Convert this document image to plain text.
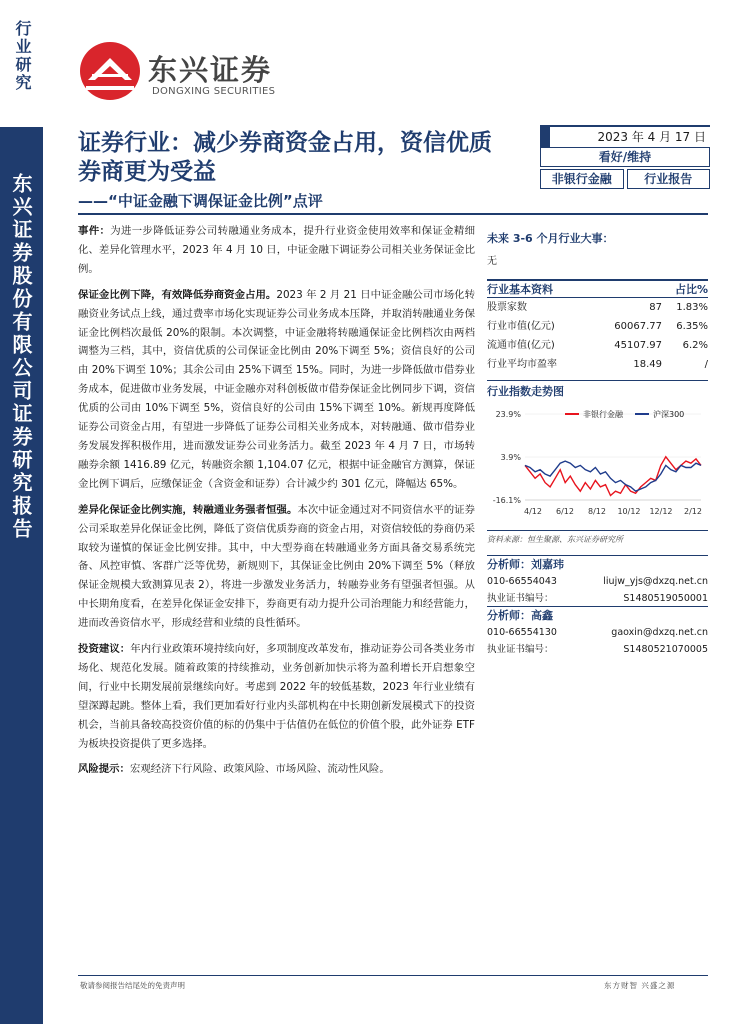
行业研究
东兴证券股份有限公司证券研究报告
东兴证券
DONGXING SECURITIES
证券行业：减少券商资金占用，资信优质券商更为受益
——“中证金融下调保证金比例”点评
2023 年 4 月 17 日
看好/维持
非银行金融	行业报告

事件：为进一步降低证券公司转融通业务成本，提升行业资金使用效率和保证金精细化、差异化管理水平，2023 年 4 月 10 日，中证金融下调证券公司相关业务保证金比例。

保证金比例下降，有效降低券商资金占用。2023 年 2 月 21 日中证金融公司市场化转融资业务试点上线，通过费率市场化实现证券公司业务成本压降，并取消转融通业务保证金比例档次最低 20%的限制。本次调整，中证金融将转融通保证金比例档次由两档调整为三档，其中，资信优质的公司保证金比例由 20%下调至 5%；资信良好的公司由 20%下调至 10%；其余公司由 25%下调至 15%。同时，为进一步降低做市借券业务成本，促进做市业务发展，中证金融亦对科创板做市借券保证金比例同步下调，资信优质的公司由 10%下调至 5%，资信良好的公司由 15%下调至 10%。新规再度降低证券公司资金占用，有望进一步降低了证券公司相关业务成本，对转融通、做市借券业务发展发挥积极作用，进而激发证券公司业务活力。截至 2023 年 4 月 7 日，市场转融券余额 1416.89 亿元，转融资余额 1,104.07 亿元，根据中证金融官方测算，保证金比例下调后，应缴保证金（含资金和证券）合计减少约 301 亿元，降幅达 65%。

差异化保证金比例实施，转融通业务强者恒强。本次中证金通过对不同资信水平的证券公司采取差异化保证金比例，降低了资信优质券商的资金占用，对资信较低的券商仍采取较为谨慎的保证金比例安排。其中，中大型券商在转融通业务方面具备交易系统完备、风控审慎、客群广泛等优势，新规则下，其保证金比例由 20%下调至 5%（释放保证金规模大致测算见表 2），将进一步激发业务活力，转融券业务有望强者恒强。从中长期角度看，在差异化保证金安排下，券商更有动力提升公司治理能力和经营能力，进而改善资信水平，形成经营和业绩的良性循环。

投资建议：年内行业政策环境持续向好，多项制度改革发布，推动证券公司各类业务市场化、规范化发展。随着政策的持续推动，业务创新加快示将为盈利增长开启想象空间，行业中长期发展前景继续向好。考虑到 2022 年的较低基数，2023 年行业业绩有望深蹲起跳。整体上看，我们更加看好行业内头部机构在中长期创新发展模式下的投资机会，当前具备较高投资价值的标的仍集中于估值仍在低位的价值个股，此外证券 ETF 为板块投资提供了更多选择。

风险提示：宏观经济下行风险、政策风险、市场风险、流动性风险。

未来 3-6 个月行业大事：
无
行业基本资料	占比%
股票家数	87	1.83%
行业市值(亿元)	60067.77	6.35%
流通市值(亿元)	45107.97	6.2%
行业平均市盈率	18.49	/
行业指数走势图
23.9%
3.9%
-16.1%
4/12 6/12 8/12 10/12 12/12 2/12
非银行金融	沪深300
资料来源：恒生聚源、东兴证券研究所
分析师：刘嘉玮
010-66554043	liujw_yjs@dxzq.net.cn
执业证书编号：	S1480519050001
分析师：高鑫
010-66554130	gaoxin@dxzq.net.cn
执业证书编号：	S1480521070005
敬请参阅报告结尾处的免责声明	东方财智 兴盛之源
